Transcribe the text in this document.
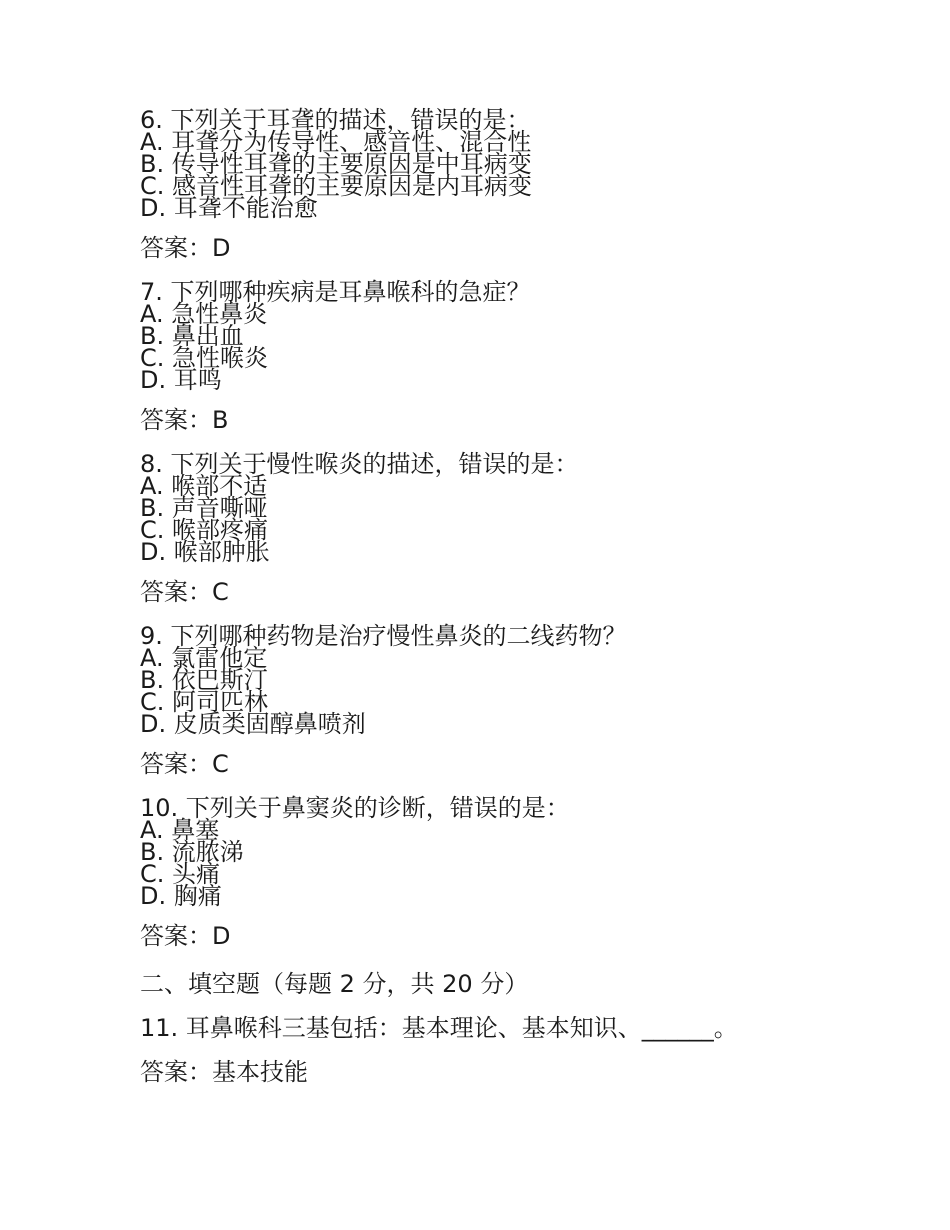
6. 下列关于耳聋的描述，错误的是：
A. 耳聋分为传导性、感音性、混合性
B. 传导性耳聋的主要原因是中耳病变
C. 感音性耳聋的主要原因是内耳病变
D. 耳聋不能治愈
答案：D
7. 下列哪种疾病是耳鼻喉科的急症？
A. 急性鼻炎
B. 鼻出血
C. 急性喉炎
D. 耳鸣
答案：B
8. 下列关于慢性喉炎的描述，错误的是：
A. 喉部不适
B. 声音嘶哑
C. 喉部疼痛
D. 喉部肿胀
答案：C
9. 下列哪种药物是治疗慢性鼻炎的二线药物？
A. 氯雷他定
B. 依巴斯汀
C. 阿司匹林
D. 皮质类固醇鼻喷剂
答案：C
10. 下列关于鼻窦炎的诊断，错误的是：
A. 鼻塞
B. 流脓涕
C. 头痛
D. 胸痛
答案：D
二、填空题（每题 2 分，共 20 分）
11. 耳鼻喉科三基包括：基本理论、基本知识、______。
答案：基本技能
